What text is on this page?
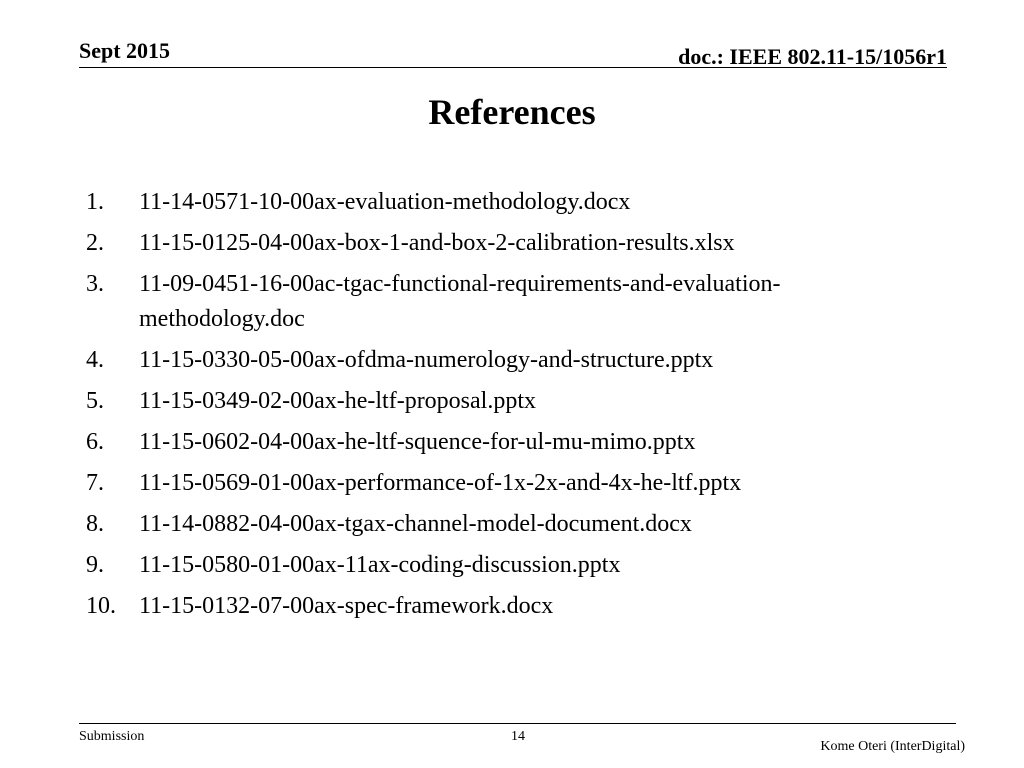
Sept 2015	doc.: IEEE 802.11-15/1056r1
References
1.	11-14-0571-10-00ax-evaluation-methodology.docx
2.	11-15-0125-04-00ax-box-1-and-box-2-calibration-results.xlsx
3.	11-09-0451-16-00ac-tgac-functional-requirements-and-evaluation-methodology.doc
4.	11-15-0330-05-00ax-ofdma-numerology-and-structure.pptx
5.	11-15-0349-02-00ax-he-ltf-proposal.pptx
6.	11-15-0602-04-00ax-he-ltf-squence-for-ul-mu-mimo.pptx
7.	11-15-0569-01-00ax-performance-of-1x-2x-and-4x-he-ltf.pptx
8.	11-14-0882-04-00ax-tgax-channel-model-document.docx
9.	11-15-0580-01-00ax-11ax-coding-discussion.pptx
10. 11-15-0132-07-00ax-spec-framework.docx
Submission	14
Kome Oteri (InterDigital)
